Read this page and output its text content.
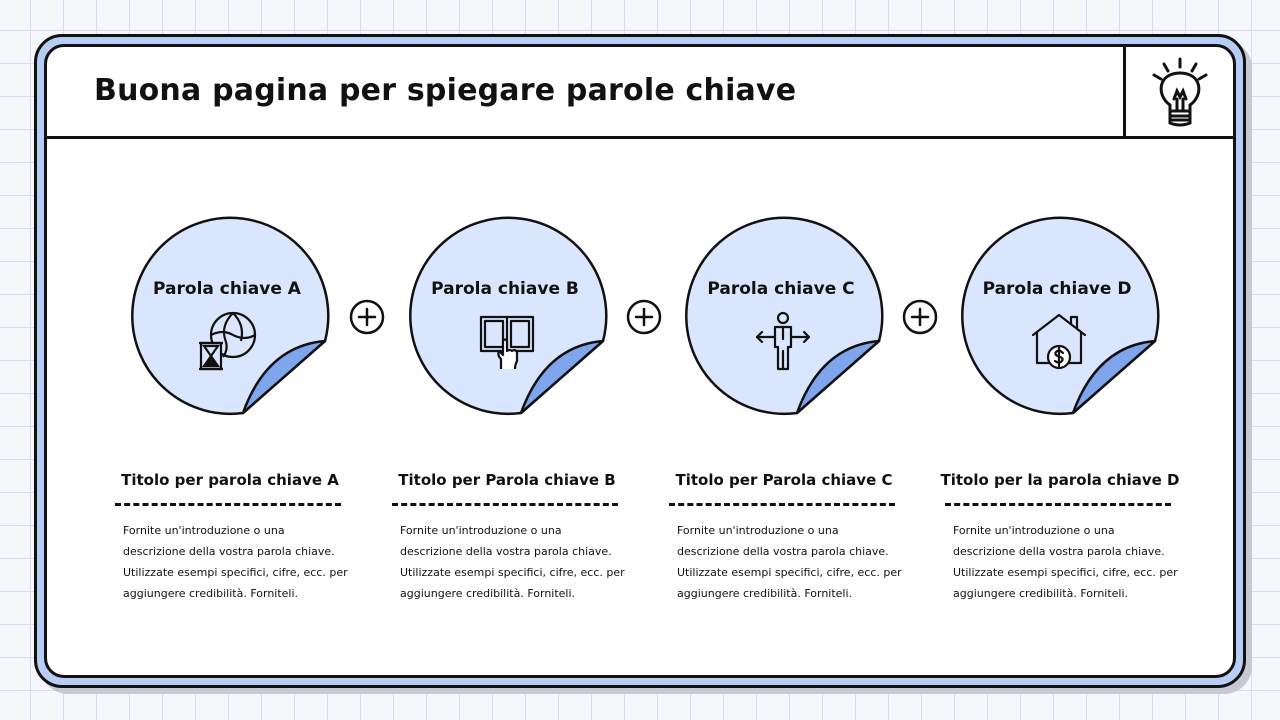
Buona pagina per spiegare parole chiave
Parola chiave A
Titolo per parola chiave A

Fornite un'introduzione o una descrizione della vostra parola chiave. Utilizzate esempi specifici, cifre, ecc. per aggiungere credibilità. Forniteli.

Parola chiave B
Titolo per Parola chiave B

Fornite un'introduzione o una descrizione della vostra parola chiave. Utilizzate esempi specifici, cifre, ecc. per aggiungere credibilità. Forniteli.

Parola chiave C
Titolo per Parola chiave C

Fornite un'introduzione o una descrizione della vostra parola chiave. Utilizzate esempi specifici, cifre, ecc. per aggiungere credibilità. Forniteli.

Parola chiave D
Titolo per la parola chiave D

Fornite un'introduzione o una descrizione della vostra parola chiave. Utilizzate esempi specifici, cifre, ecc. per aggiungere credibilità. Forniteli.
